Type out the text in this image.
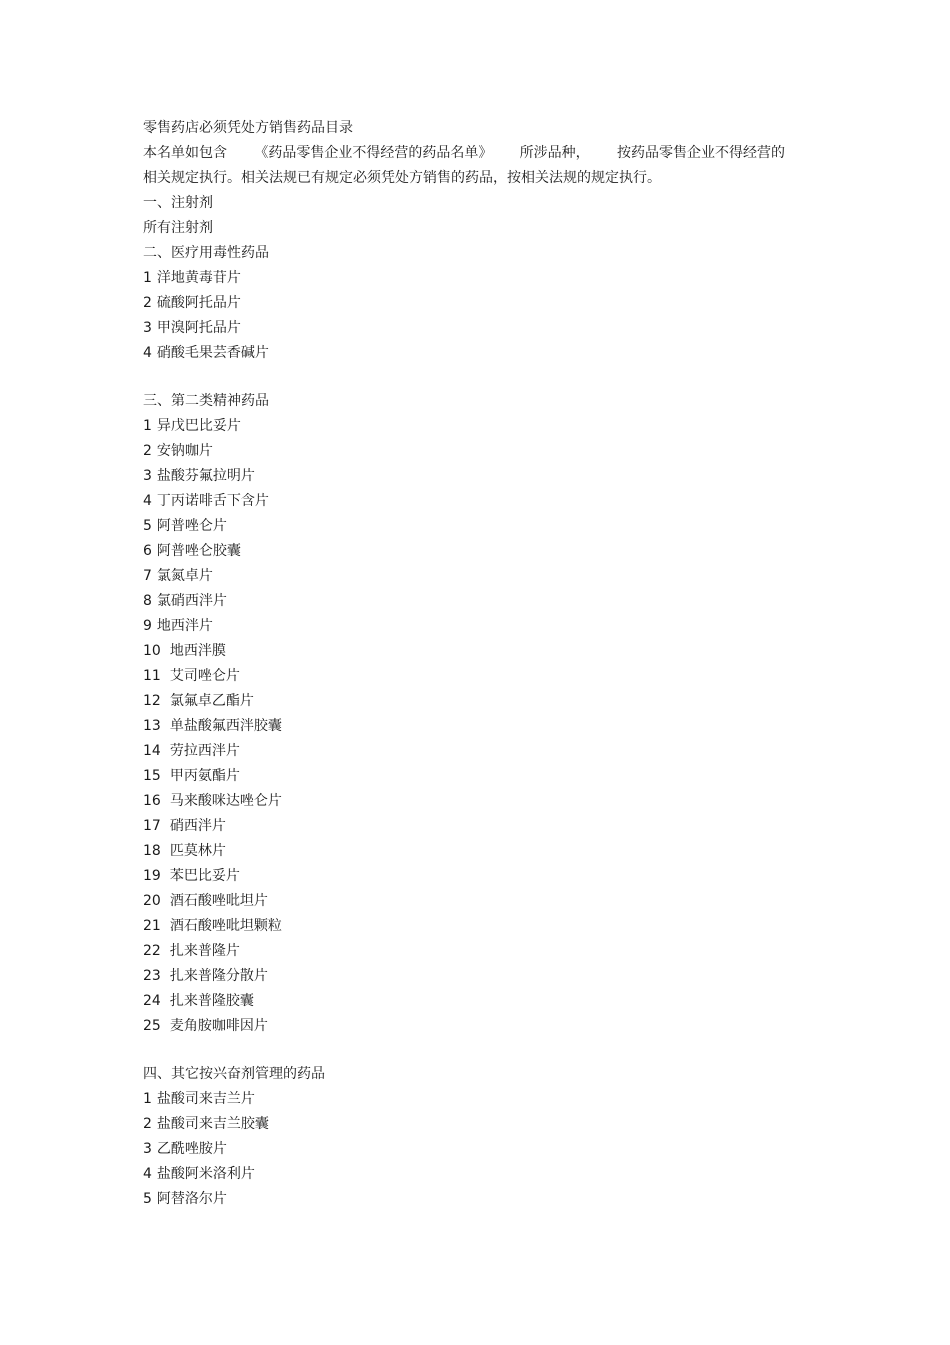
零售药店必须凭处方销售药品目录
本名单如包含 《药品零售企业不得经营的药品名单》 所涉品种， 按药品零售企业不得经营的
相关规定执行。相关法规已有规定必须凭处方销售的药品，按相关法规的规定执行。
一、注射剂
所有注射剂
二、医疗用毒性药品
1 洋地黄毒苷片
2 硫酸阿托品片
3 甲溴阿托品片
4 硝酸毛果芸香碱片
三、第二类精神药品
1 异戊巴比妥片
2 安钠咖片
3 盐酸芬氟拉明片
4 丁丙诺啡舌下含片
5 阿普唑仑片
6 阿普唑仑胶囊
7 氯氮卓片
8 氯硝西泮片
9 地西泮片
10 地西泮膜
11 艾司唑仑片
12 氯氟卓乙酯片
13 单盐酸氟西泮胶囊
14 劳拉西泮片
15 甲丙氨酯片
16 马来酸咪达唑仑片
17 硝西泮片
18 匹莫林片
19 苯巴比妥片
20酒石酸唑吡坦片
21 酒石酸唑吡坦颗粒
22 扎来普隆片
23 扎来普隆分散片
24 扎来普隆胶囊
25 麦角胺咖啡因片
四、其它按兴奋剂管理的药品
1 盐酸司来吉兰片
2 盐酸司来吉兰胶囊
3 乙酰唑胺片
4 盐酸阿米洛利片
5 阿替洛尔片
